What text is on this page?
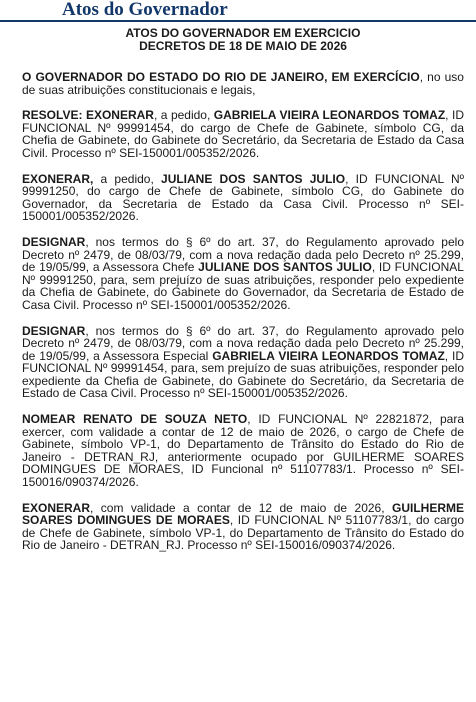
Atos do Governador
ATOS DO GOVERNADOR EM EXERCICIO
DECRETOS DE 18 DE MAIO DE 2026

O GOVERNADOR DO ESTADO DO RIO DE JANEIRO, EM EXERCÍCIO, no uso de suas atribuições constitucionais e legais,

RESOLVE: EXONERAR, a pedido, GABRIELA VIEIRA LEONARDOS TOMAZ, ID FUNCIONAL Nº 99991454, do cargo de Chefe de Gabinete, símbolo CG, da Chefia de Gabinete, do Gabinete do Secretário, da Secretaria de Estado da Casa Civil. Processo nº SEI-150001/005352/2026.

EXONERAR, a pedido, JULIANE DOS SANTOS JULIO, ID FUNCIONAL Nº 99991250, do cargo de Chefe de Gabinete, símbolo CG, do Gabinete do Governador, da Secretaria de Estado da Casa Civil. Processo nº SEI-150001/005352/2026.

DESIGNAR, nos termos do § 6º do art. 37, do Regulamento aprovado pelo Decreto nº 2479, de 08/03/79, com a nova redação dada pelo Decreto nº 25.299, de 19/05/99, a Assessora Chefe JULIANE DOS SANTOS JULIO, ID FUNCIONAL Nº 99991250, para, sem prejuízo de suas atribuições, responder pelo expediente da Chefia de Gabinete, do Gabinete do Governador, da Secretaria de Estado de Casa Civil. Processo nº SEI-150001/005352/2026.

DESIGNAR, nos termos do § 6º do art. 37, do Regulamento aprovado pelo Decreto nº 2479, de 08/03/79, com a nova redação dada pelo Decreto nº 25.299, de 19/05/99, a Assessora Especial GABRIELA VIEIRA LEONARDOS TOMAZ, ID FUNCIONAL Nº 99991454, para, sem prejuízo de suas atribuições, responder pelo expediente da Chefia de Gabinete, do Gabinete do Secretário, da Secretaria de Estado de Casa Civil. Processo nº SEI-150001/005352/2026.

NOMEAR RENATO DE SOUZA NETO, ID FUNCIONAL Nº 22821872, para exercer, com validade a contar de 12 de maio de 2026, o cargo de Chefe de Gabinete, símbolo VP-1, do Departamento de Trânsito do Estado do Rio de Janeiro - DETRAN_RJ, anteriormente ocupado por GUILHERME SOARES DOMINGUES DE MORAES, ID Funcional nº 51107783/1. Processo nº SEI-150016/090374/2026.

EXONERAR, com validade a contar de 12 de maio de 2026, GUILHERME SOARES DOMINGUES DE MORAES, ID FUNCIONAL Nº 51107783/1, do cargo de Chefe de Gabinete, símbolo VP-1, do Departamento de Trânsito do Estado do Rio de Janeiro - DETRAN_RJ. Processo nº SEI-150016/090374/2026.
